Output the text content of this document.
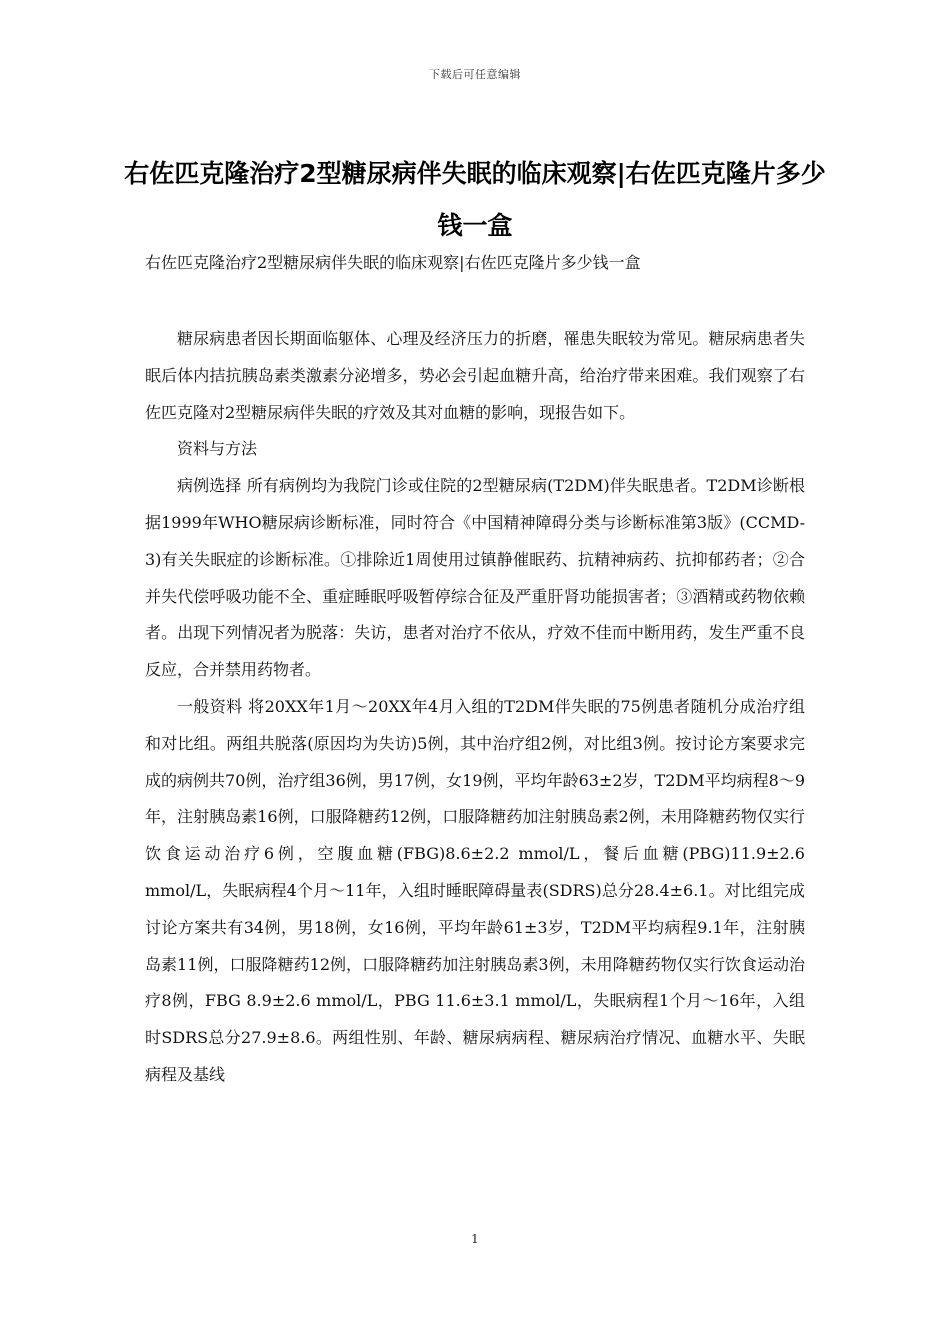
下载后可任意编辑
右佐匹克隆治疗2型糖尿病伴失眠的临床观察|右佐匹克隆片多少钱一盒

右佐匹克隆治疗2型糖尿病伴失眠的临床观察|右佐匹克隆片多少钱一盒

糖尿病患者因长期面临躯体、心理及经济压力的折磨，罹患失眠较为常见。糖尿病患者失眠后体内拮抗胰岛素类激素分泌增多，势必会引起血糖升高，给治疗带来困难。我们观察了右佐匹克隆对2型糖尿病伴失眠的疗效及其对血糖的影响，现报告如下。

资料与方法

病例选择 所有病例均为我院门诊或住院的2型糖尿病(T2DM)伴失眠患者。T2DM诊断根据1999年WHO糖尿病诊断标准，同时符合《中国精神障碍分类与诊断标准第3版》(CCMD-3)有关失眠症的诊断标准。①排除近1周使用过镇静催眠药、抗精神病药、抗抑郁药者；②合并失代偿呼吸功能不全、重症睡眠呼吸暂停综合征及严重肝肾功能损害者；③酒精或药物依赖者。出现下列情况者为脱落：失访，患者对治疗不依从，疗效不佳而中断用药，发生严重不良反应，合并禁用药物者。

一般资料 将20XX年1月～20XX年4月入组的T2DM伴失眠的75例患者随机分成治疗组和对比组。两组共脱落(原因均为失访)5例，其中治疗组2例，对比组3例。按讨论方案要求完成的病例共70例，治疗组36例，男17例，女19例，平均年龄63±2岁，T2DM平均病程8～9年，注射胰岛素16例，口服降糖药12例，口服降糖药加注射胰岛素2例，未用降糖药物仅实行饮食运动治疗6例，空腹血糖(FBG)8.6±2.2 mmol/L，餐后血糖(PBG)11.9±2.6 mmol/L，失眠病程4个月～11年，入组时睡眠障碍量表(SDRS)总分28.4±6.1。对比组完成讨论方案共有34例，男18例，女16例，平均年龄61±3岁，T2DM平均病程9.1年，注射胰岛素11例，口服降糖药12例，口服降糖药加注射胰岛素3例，未用降糖药物仅实行饮食运动治疗8例，FBG 8.9±2.6 mmol/L，PBG 11.6±3.1 mmol/L，失眠病程1个月～16年，入组时SDRS总分27.9±8.6。两组性别、年龄、糖尿病病程、糖尿病治疗情况、血糖水平、失眠病程及基线

1
